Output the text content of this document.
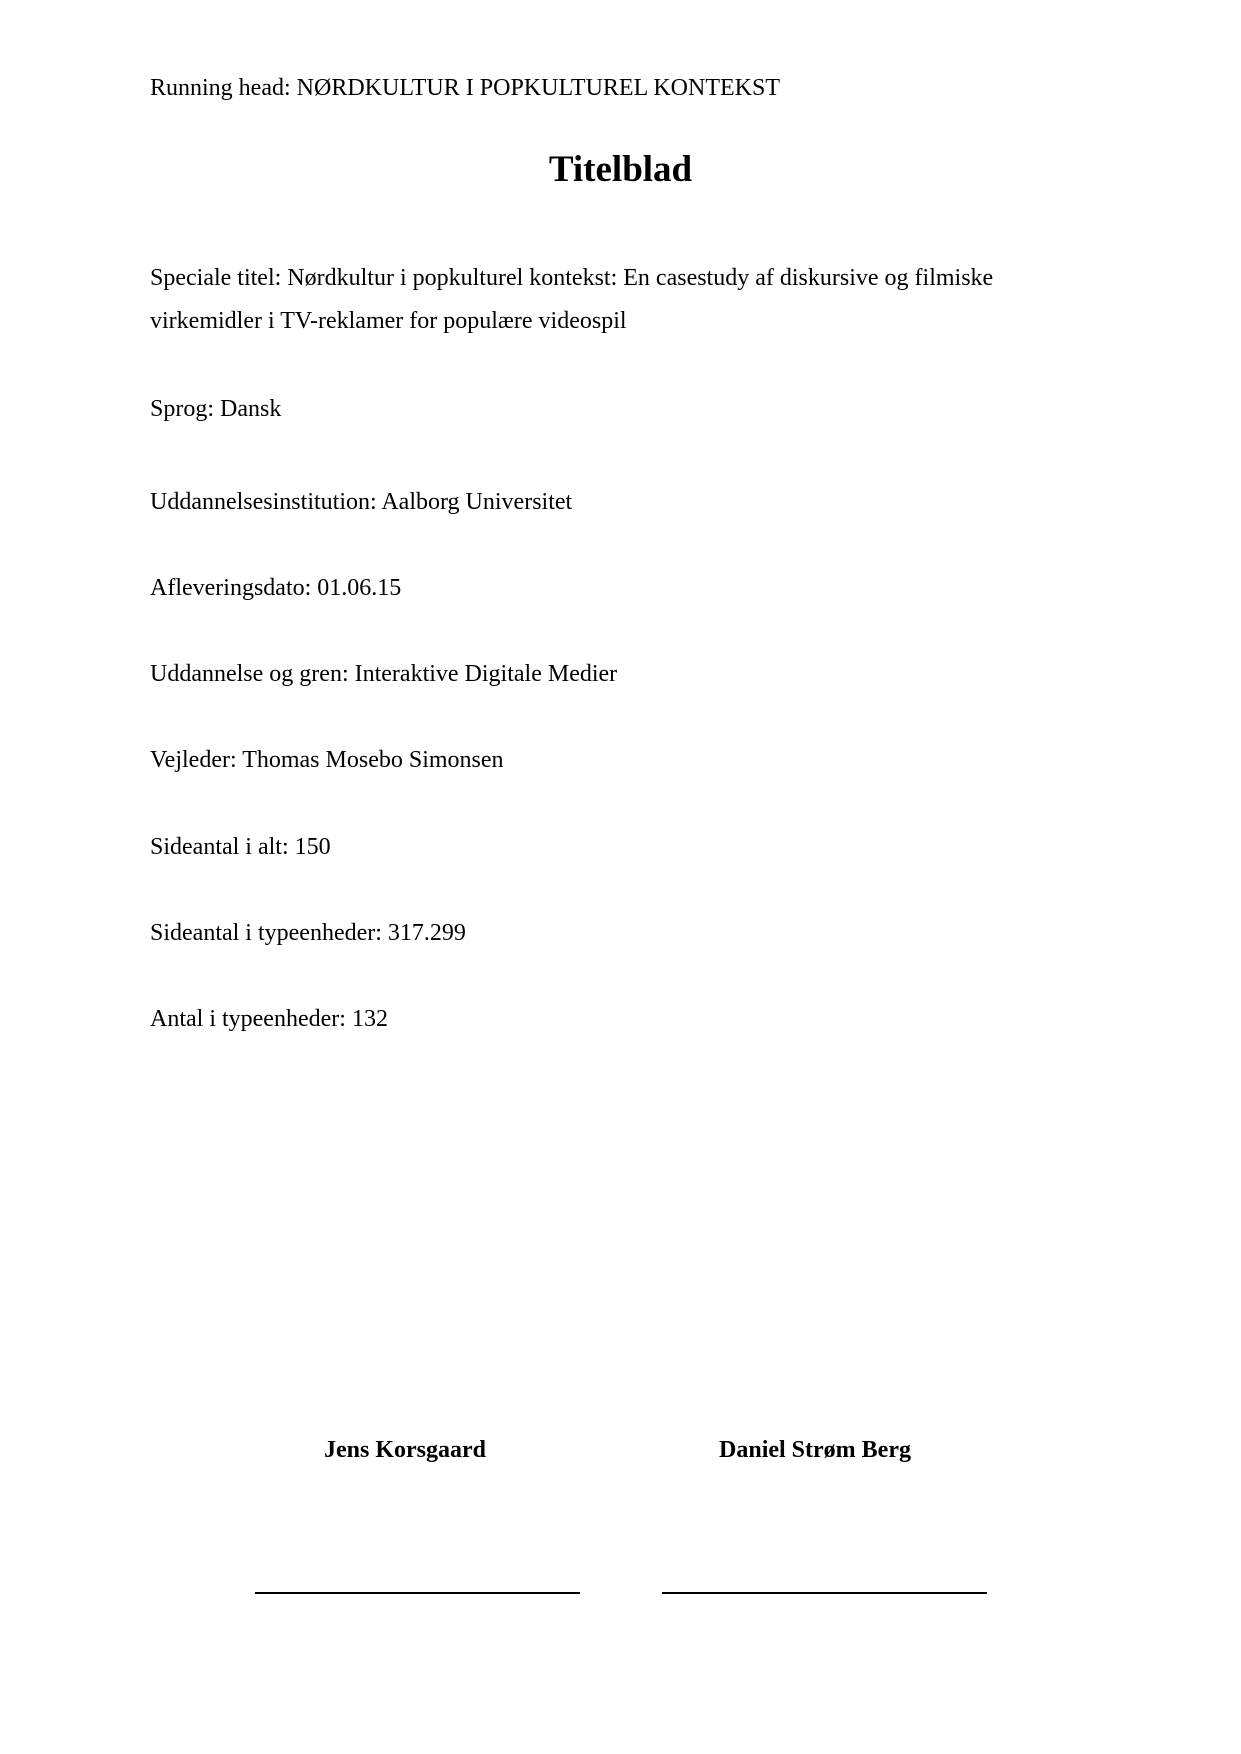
Running head: NØRDKULTUR I POPKULTUREL KONTEKST
Titelblad
Speciale titel: Nørdkultur i popkulturel kontekst: En casestudy af diskursive og filmiske virkemidler i TV-reklamer for populære videospil
Sprog: Dansk
Uddannelsesinstitution: Aalborg Universitet
Afleveringsdato: 01.06.15
Uddannelse og gren: Interaktive Digitale Medier
Vejleder: Thomas Mosebo Simonsen
Sideantal i alt: 150
Sideantal i typeenheder: 317.299
Antal i typeenheder: 132
Jens Korsgaard	Daniel Strøm Berg
